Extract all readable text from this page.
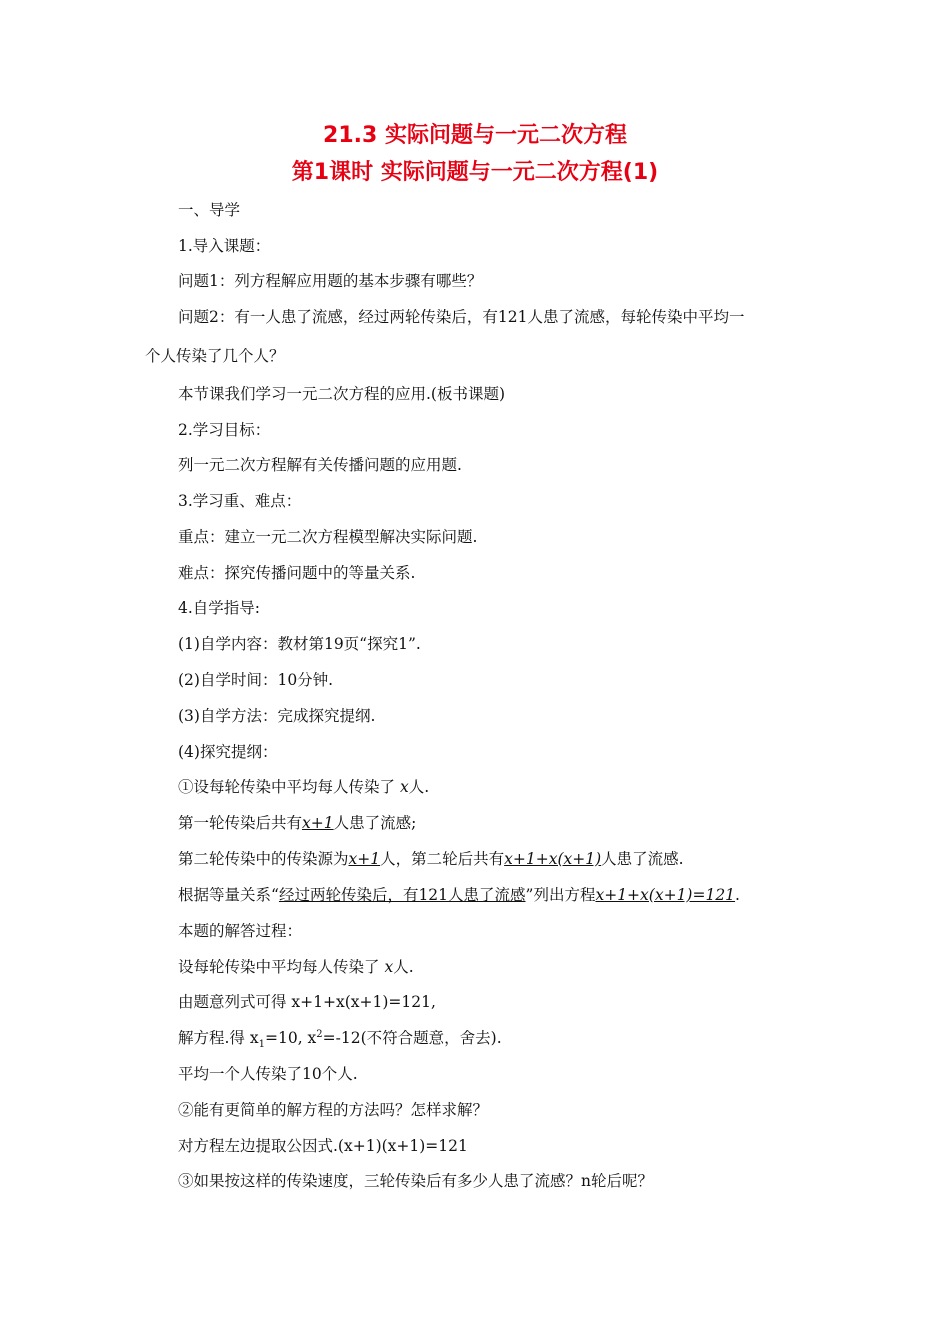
21.3 实际问题与一元二次方程
第1课时 实际问题与一元二次方程(1)
一、导学
1.导入课题：
问题1：列方程解应用题的基本步骤有哪些？
问题2：有一人患了流感，经过两轮传染后，有121人患了流感，每轮传染中平均一
个人传染了几个人？
本节课我们学习一元二次方程的应用.(板书课题)
2.学习目标：
列一元二次方程解有关传播问题的应用题.
3.学习重、难点：
重点：建立一元二次方程模型解决实际问题.
难点：探究传播问题中的等量关系.
4.自学指导:
(1)自学内容：教材第19页“探究1”.
(2)自学时间：10分钟.
(3)自学方法：完成探究提纲.
(4)探究提纲：
①设每轮传染中平均每人传染了 x人.
第一轮传染后共有x+1人患了流感;
第二轮传染中的传染源为x+1人，第二轮后共有x+1+x(x+1)人患了流感.
根据等量关系“经过两轮传染后，有121人患了流感”列出方程x+1+x(x+1)=121.
本题的解答过程：
设每轮传染中平均每人传染了 x人.
由题意列式可得 x+1+x(x+1)=121,
解方程.得 $x_1=10$, $x^2=-12$(不符合题意，舍去).
平均一个人传染了10个人.
②能有更简单的解方程的方法吗？怎样求解？
对方程左边提取公因式.(x+1)(x+1)=121
③如果按这样的传染速度，三轮传染后有多少人患了流感？n轮后呢？
